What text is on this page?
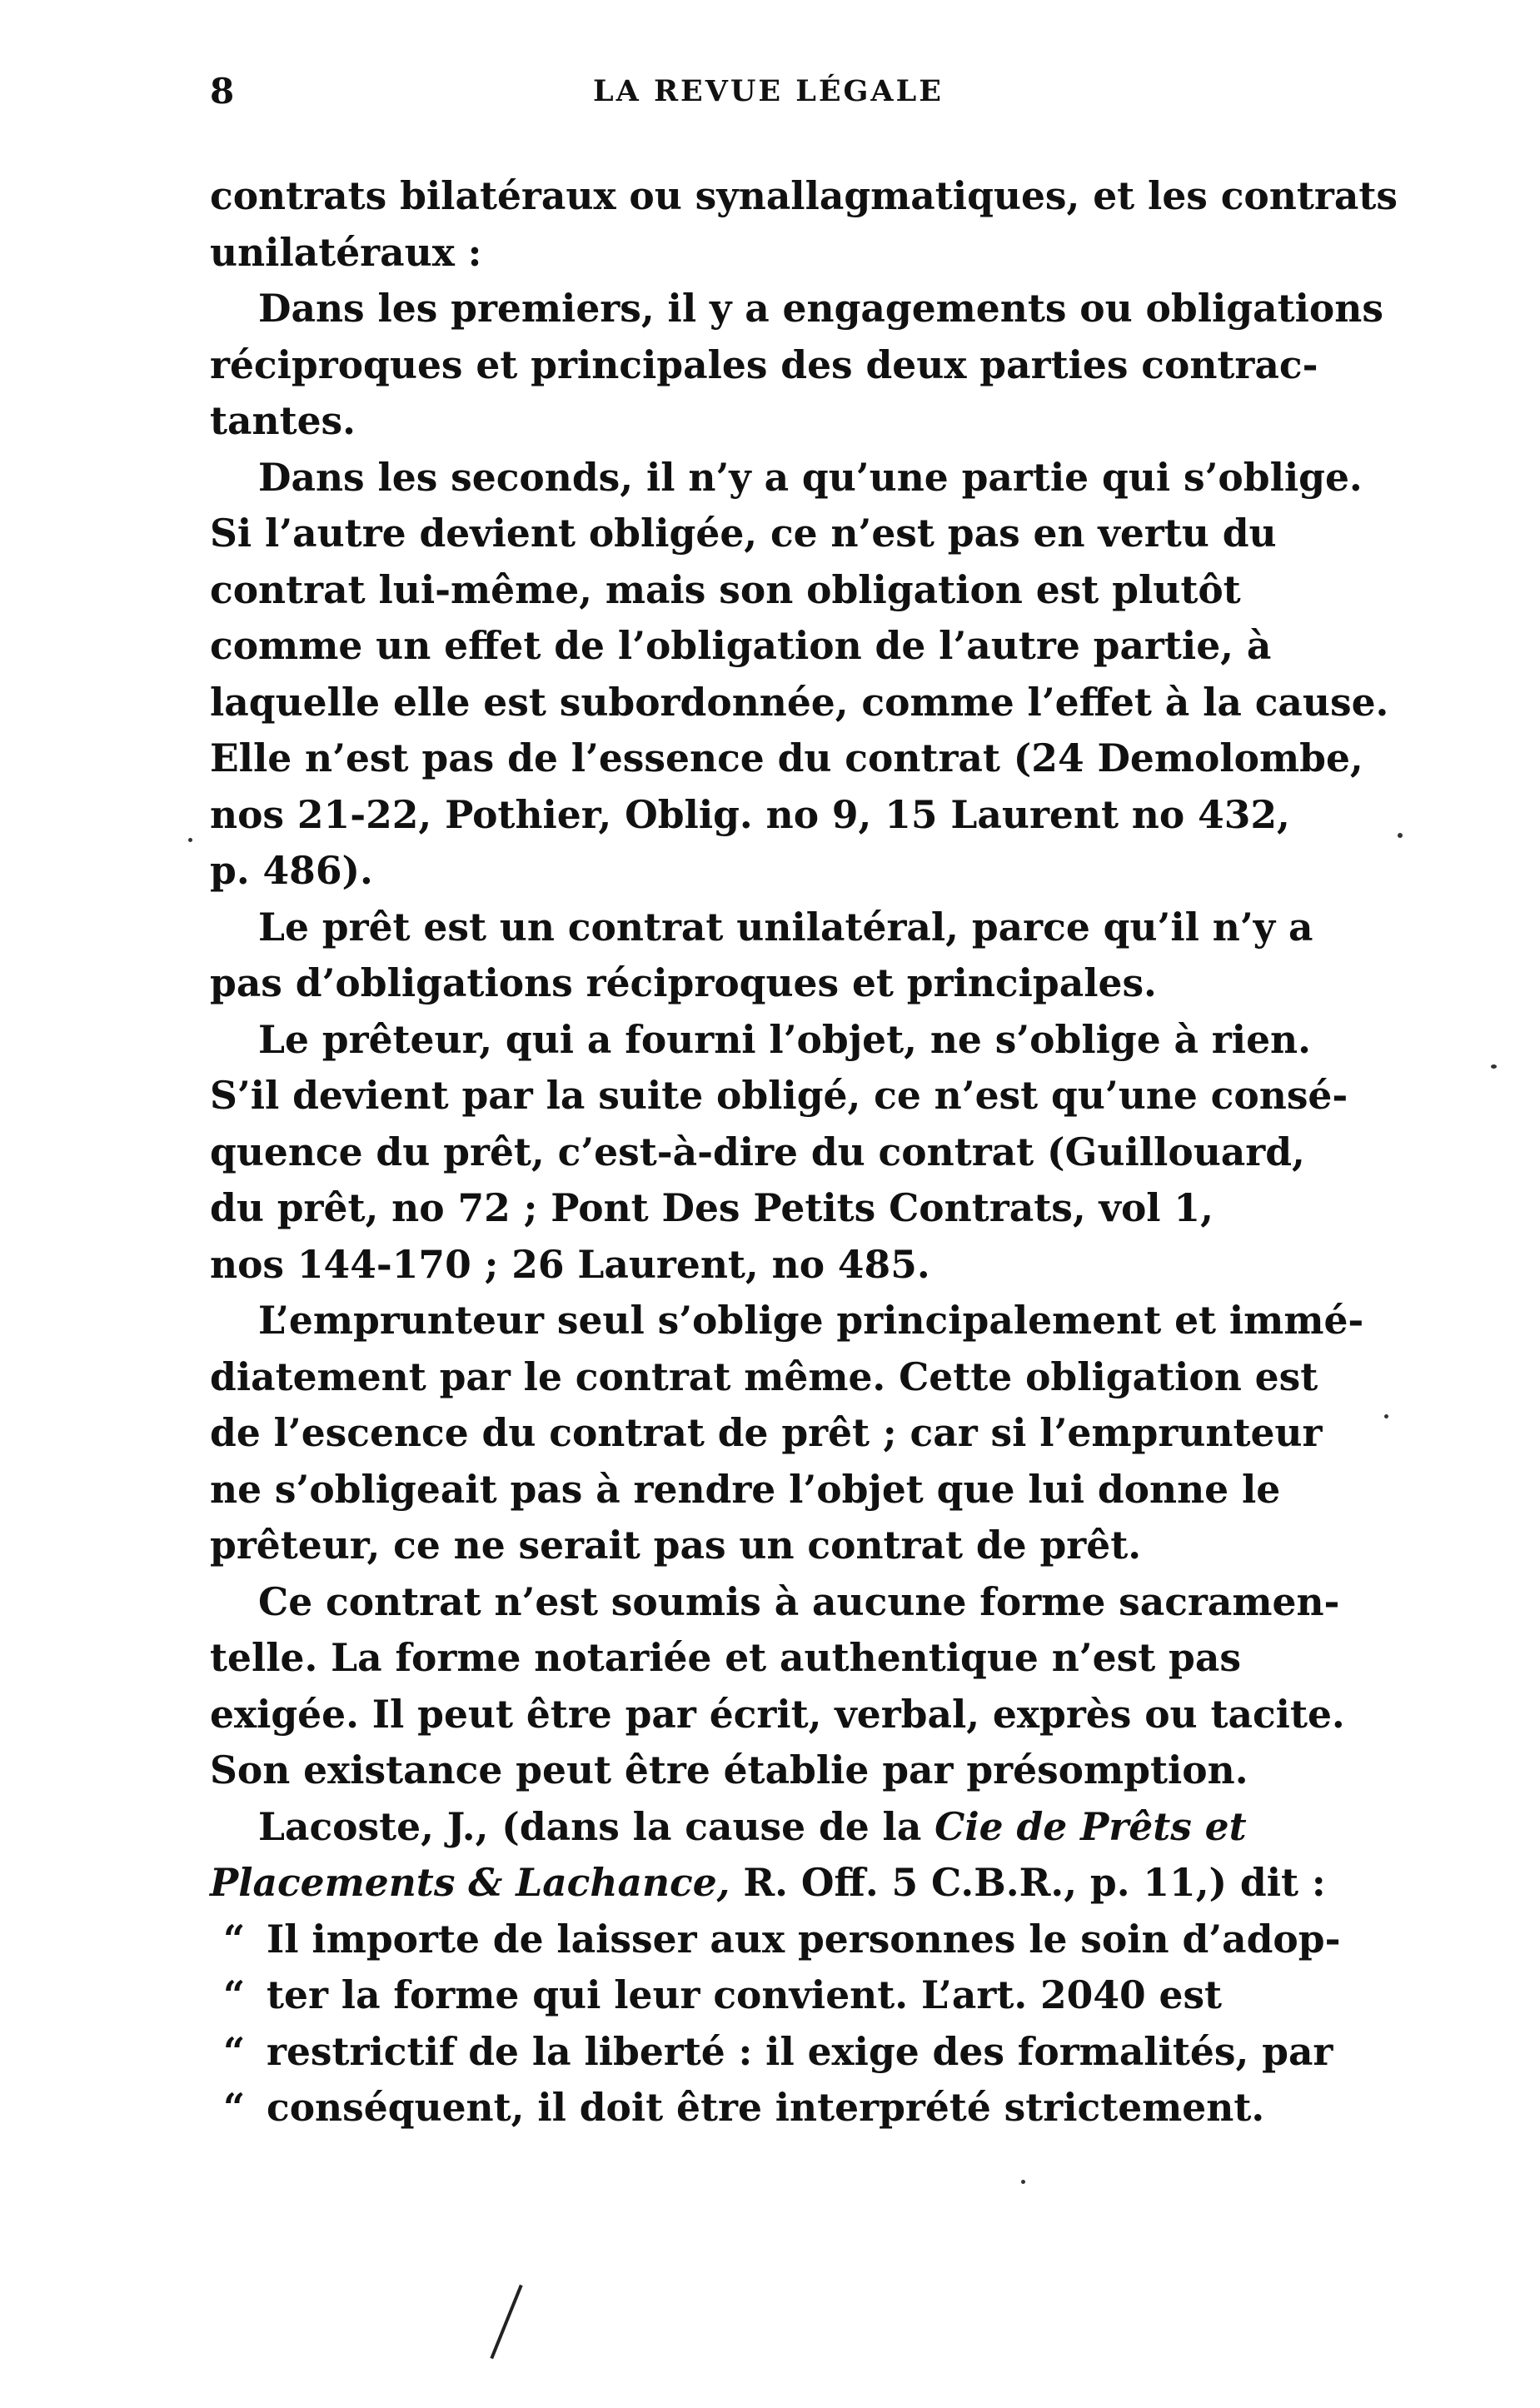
8	LA REVUE LÉGALE

contrats bilatéraux ou synallagmatiques, et les contrats
unilatéraux :

Dans les premiers, il y a engagements ou obligations
réciproques et principales des deux parties contrac-
tantes.

Dans les seconds, il n’y a qu’une partie qui s’oblige.
Si l’autre devient obligée, ce n’est pas en vertu du
contrat lui-même, mais son obligation est plutôt
comme un effet de l’obligation de l’autre partie, à
laquelle elle est subordonnée, comme l’effet à la cause.
Elle n’est pas de l’essence du contrat (24 Demolombe,
nos 21-22, Pothier, Oblig. no 9, 15 Laurent no 432,
p. 486).

Le prêt est un contrat unilatéral, parce qu’il n’y a
pas d’obligations réciproques et principales.

Le prêteur, qui a fourni l’objet, ne s’oblige à rien.
S’il devient par la suite obligé, ce n’est qu’une consé-
quence du prêt, c’est-à-dire du contrat (Guillouard,
du prêt, no 72 ; Pont Des Petits Contrats, vol 1,
nos 144-170 ; 26 Laurent, no 485.

L’emprunteur seul s’oblige principalement et immé-
diatement par le contrat même. Cette obligation est
de l’escence du contrat de prêt ; car si l’emprunteur
ne s’obligeait pas à rendre l’objet que lui donne le
prêteur, ce ne serait pas un contrat de prêt.

Ce contrat n’est soumis à aucune forme sacramen-
telle. La forme notariée et authentique n’est pas
exigée. Il peut être par écrit, verbal, exprès ou tacite.
Son existance peut être établie par présomption.

Lacoste, J., (dans la cause de la Cie de Prêts et
Placements & Lachance, R. Off. 5 C.B.R., p. 11,) dit :

“ Il importe de laisser aux personnes le soin d’adop-
“ ter la forme qui leur convient. L’art. 2040 est
“ restrictif de la liberté : il exige des formalités, par
“ conséquent, il doit être interprété strictement.
